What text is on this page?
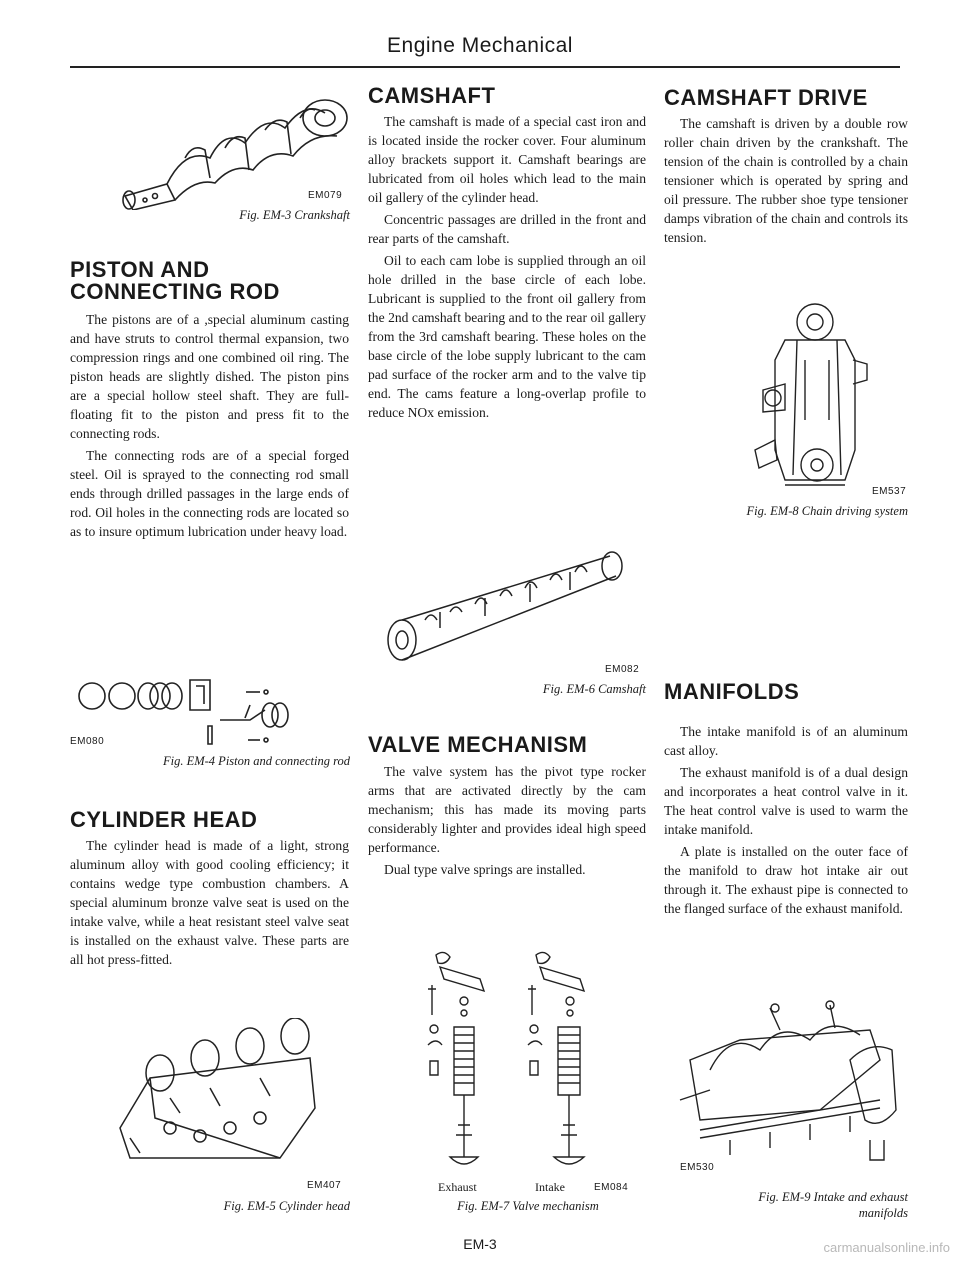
Engine Mechanical
EM079
Fig. EM-3 Crankshaft
PISTON AND
CONNECTING ROD

The pistons are of a ,special aluminum casting and have struts to control thermal expansion, two compression rings and one combined oil ring. The piston heads are slightly dished. The piston pins are a special hollow steel shaft. They are full-floating fit to the piston and press fit to the connecting rods.

The connecting rods are of a special forged steel. Oil is sprayed to the connecting rod small ends through drilled passages in the large ends of rod. Oil holes in the connecting rods are located so as to insure optimum lubrication under heavy load.

EM080
Fig. EM-4 Piston and connecting rod
CYLINDER HEAD

The cylinder head is made of a light, strong aluminum alloy with good cooling efficiency; it contains wedge type combustion chambers. A special aluminum bronze valve seat is used on the intake valve, while a heat resistant steel valve seat is installed on the exhaust valve. These parts are all hot press-fitted.

EM407
Fig. EM-5 Cylinder head
CAMSHAFT

The camshaft is made of a special cast iron and is located inside the rocker cover. Four aluminum alloy brackets support it. Camshaft bearings are lubricated from oil holes which lead to the main oil gallery of the cylinder head.

Concentric passages are drilled in the front and rear parts of the camshaft.

Oil to each cam lobe is supplied through an oil hole drilled in the base circle of each lobe. Lubricant is supplied to the front oil gallery from the 2nd camshaft bearing and to the rear oil gallery from the 3rd camshaft bearing. These holes on the base circle of the lobe supply lubricant to the cam pad surface of the rocker arm and to the valve tip end. The cams feature a long-overlap profile to reduce NOx emission.

EM082
Fig. EM-6 Camshaft
VALVE MECHANISM

The valve system has the pivot type rocker arms that are activated directly by the cam mechanism; this has made its moving parts considerably lighter and provides ideal high speed performance.

Dual type valve springs are installed.

Exhaust	Intake	EM084
Fig. EM-7 Valve mechanism
EM-3
CAMSHAFT DRIVE

The camshaft is driven by a double row roller chain driven by the crankshaft. The tension of the chain is controlled by a chain tensioner which is operated by spring and oil pressure. The rubber shoe type tensioner damps vibration of the chain and controls its tension.

EM537
Fig. EM-8 Chain driving system
MANIFOLDS

The intake manifold is of an aluminum cast alloy.

The exhaust manifold is of a dual design and incorporates a heat control valve in it. The heat control valve is used to warm the intake manifold.

A plate is installed on the outer face of the manifold to draw hot intake air out through it. The exhaust pipe is connected to the flanged surface of the exhaust manifold.

EM530
Fig. EM-9 Intake and exhaust
manifolds
carmanualsonline.info
